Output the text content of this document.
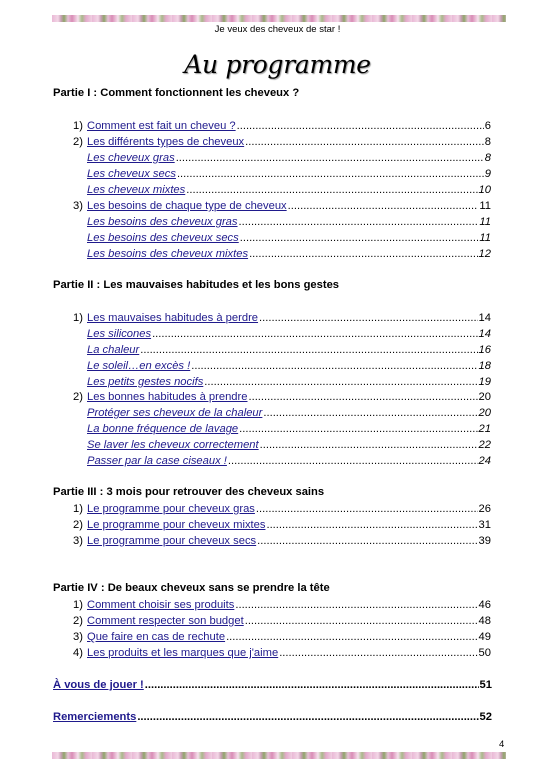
Je veux des cheveux de star !
Au programme
Partie I : Comment fonctionnent les cheveux ?
1) Comment est fait un cheveu ? .....	6
2) Les différents types de cheveux .....	8
Les cheveux gras .....	8
Les cheveux secs .....	9
Les cheveux mixtes .....	10
3) Les besoins de chaque type de cheveux .....	11
Les besoins des cheveux gras .....	11
Les besoins des cheveux secs .....	11
Les besoins des cheveux mixtes .....	12
Partie II : Les mauvaises habitudes et les bons gestes
1) Les mauvaises habitudes à perdre .....	14
Les silicones .....	14
La chaleur .....	16
Le soleil…en excès ! .....	18
Les petits gestes nocifs .....	19
2) Les bonnes habitudes à prendre .....	20
Protéger ses cheveux de la chaleur .....	20
La bonne fréquence de lavage .....	21
Se laver les cheveux correctement .....	22
Passer par la case ciseaux ! .....	24
Partie III : 3 mois pour retrouver des cheveux sains
1) Le programme pour cheveux gras .....	26
2) Le programme pour cheveux mixtes .....	31
3) Le programme pour cheveux secs .....	39
Partie IV : De beaux cheveux sans se prendre la tête
1) Comment choisir ses produits .....	46
2) Comment respecter son budget .....	48
3) Que faire en cas de rechute .....	49
4) Les produits et les marques que j'aime .....	50
À vous de jouer ! .....	51
Remerciements .....	52
4
